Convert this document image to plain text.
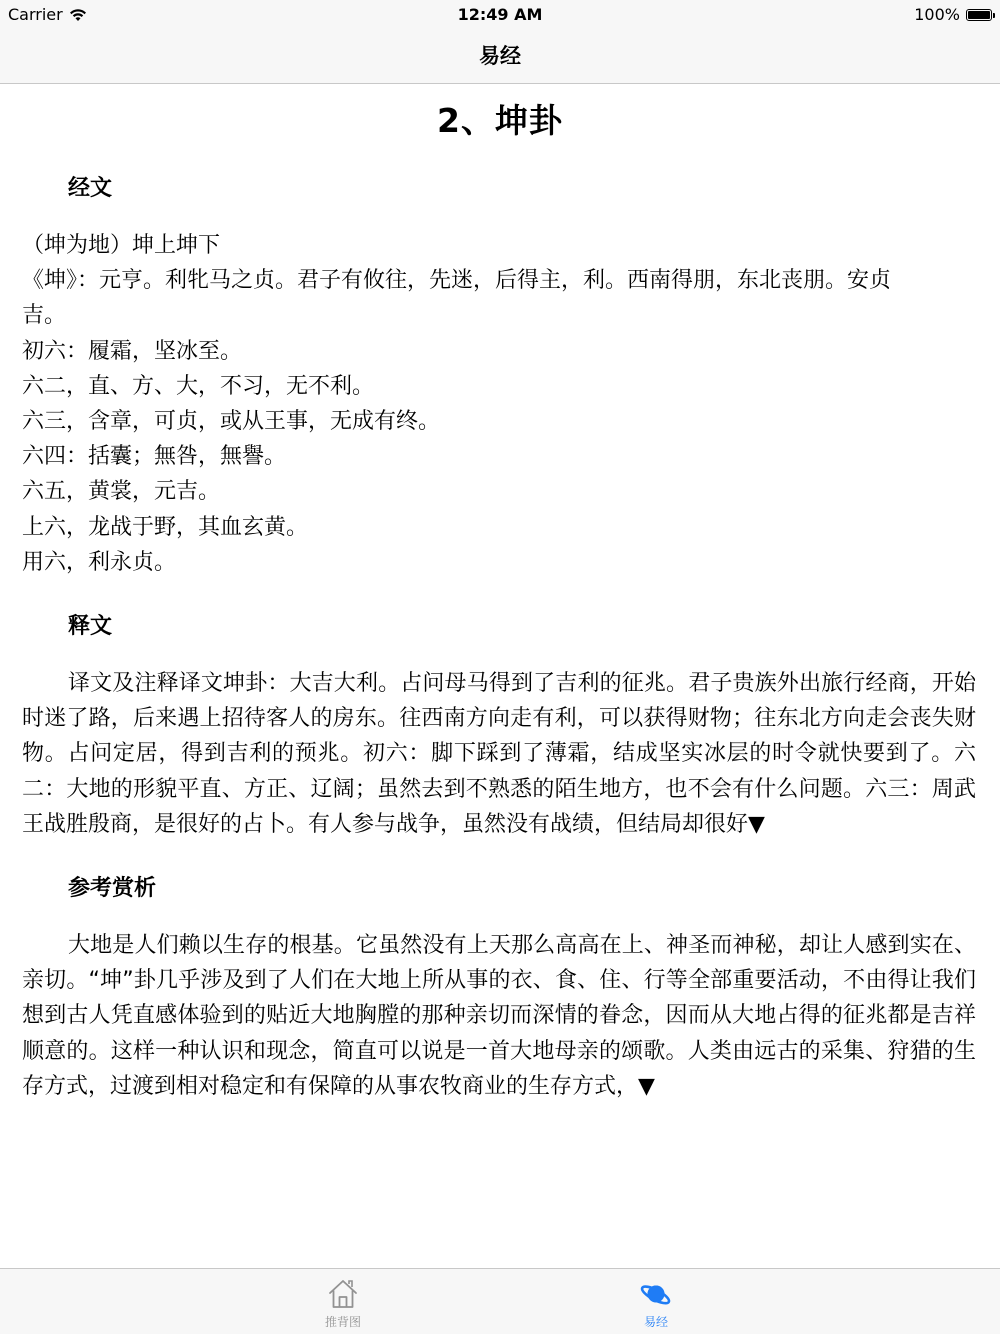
Carrier	12:49 AM	100%
易经
2、坤卦
经文
（坤为地）坤上坤下
《坤》：元亨。利牝马之贞。君子有攸往，先迷，后得主，利。西南得朋，东北丧朋。安贞
吉。
初六：履霜，坚冰至。
六二，直、方、大，不习，无不利。
六三，含章，可贞，或从王事，无成有终。
六四：括囊；無咎，無譽。
六五，黄裳，元吉。
上六，龙战于野，其血玄黄。
用六，利永贞。
释文
译文及注释译文坤卦：大吉大利。占问母马得到了吉利的征兆。君子贵族外出旅行经商，开始时迷了路，后来遇上招待客人的房东。往西南方向走有利，可以获得财物；往东北方向走会丧失财物。占问定居，得到吉利的预兆。初六：脚下踩到了薄霜，结成坚实冰层的时令就快要到了。六二：大地的形貌平直、方正、辽阔；虽然去到不熟悉的陌生地方，也不会有什么问题。六三：周武王战胜殷商，是很好的占卜。有人参与战争，虽然没有战绩，但结局却很好▼
参考赏析
大地是人们赖以生存的根基。它虽然没有上天那么高高在上、神圣而神秘，却让人感到实在、亲切。“坤”卦几乎涉及到了人们在大地上所从事的衣、食、住、行等全部重要活动，不由得让我们想到古人凭直感体验到的贴近大地胸膛的那种亲切而深情的眷念，因而从大地占得的征兆都是吉祥顺意的。这样一种认识和现念，简直可以说是一首大地母亲的颂歌。人类由远古的采集、狩猎的生存方式，过渡到相对稳定和有保障的从事农牧商业的生存方式，▼
推背图	易经
